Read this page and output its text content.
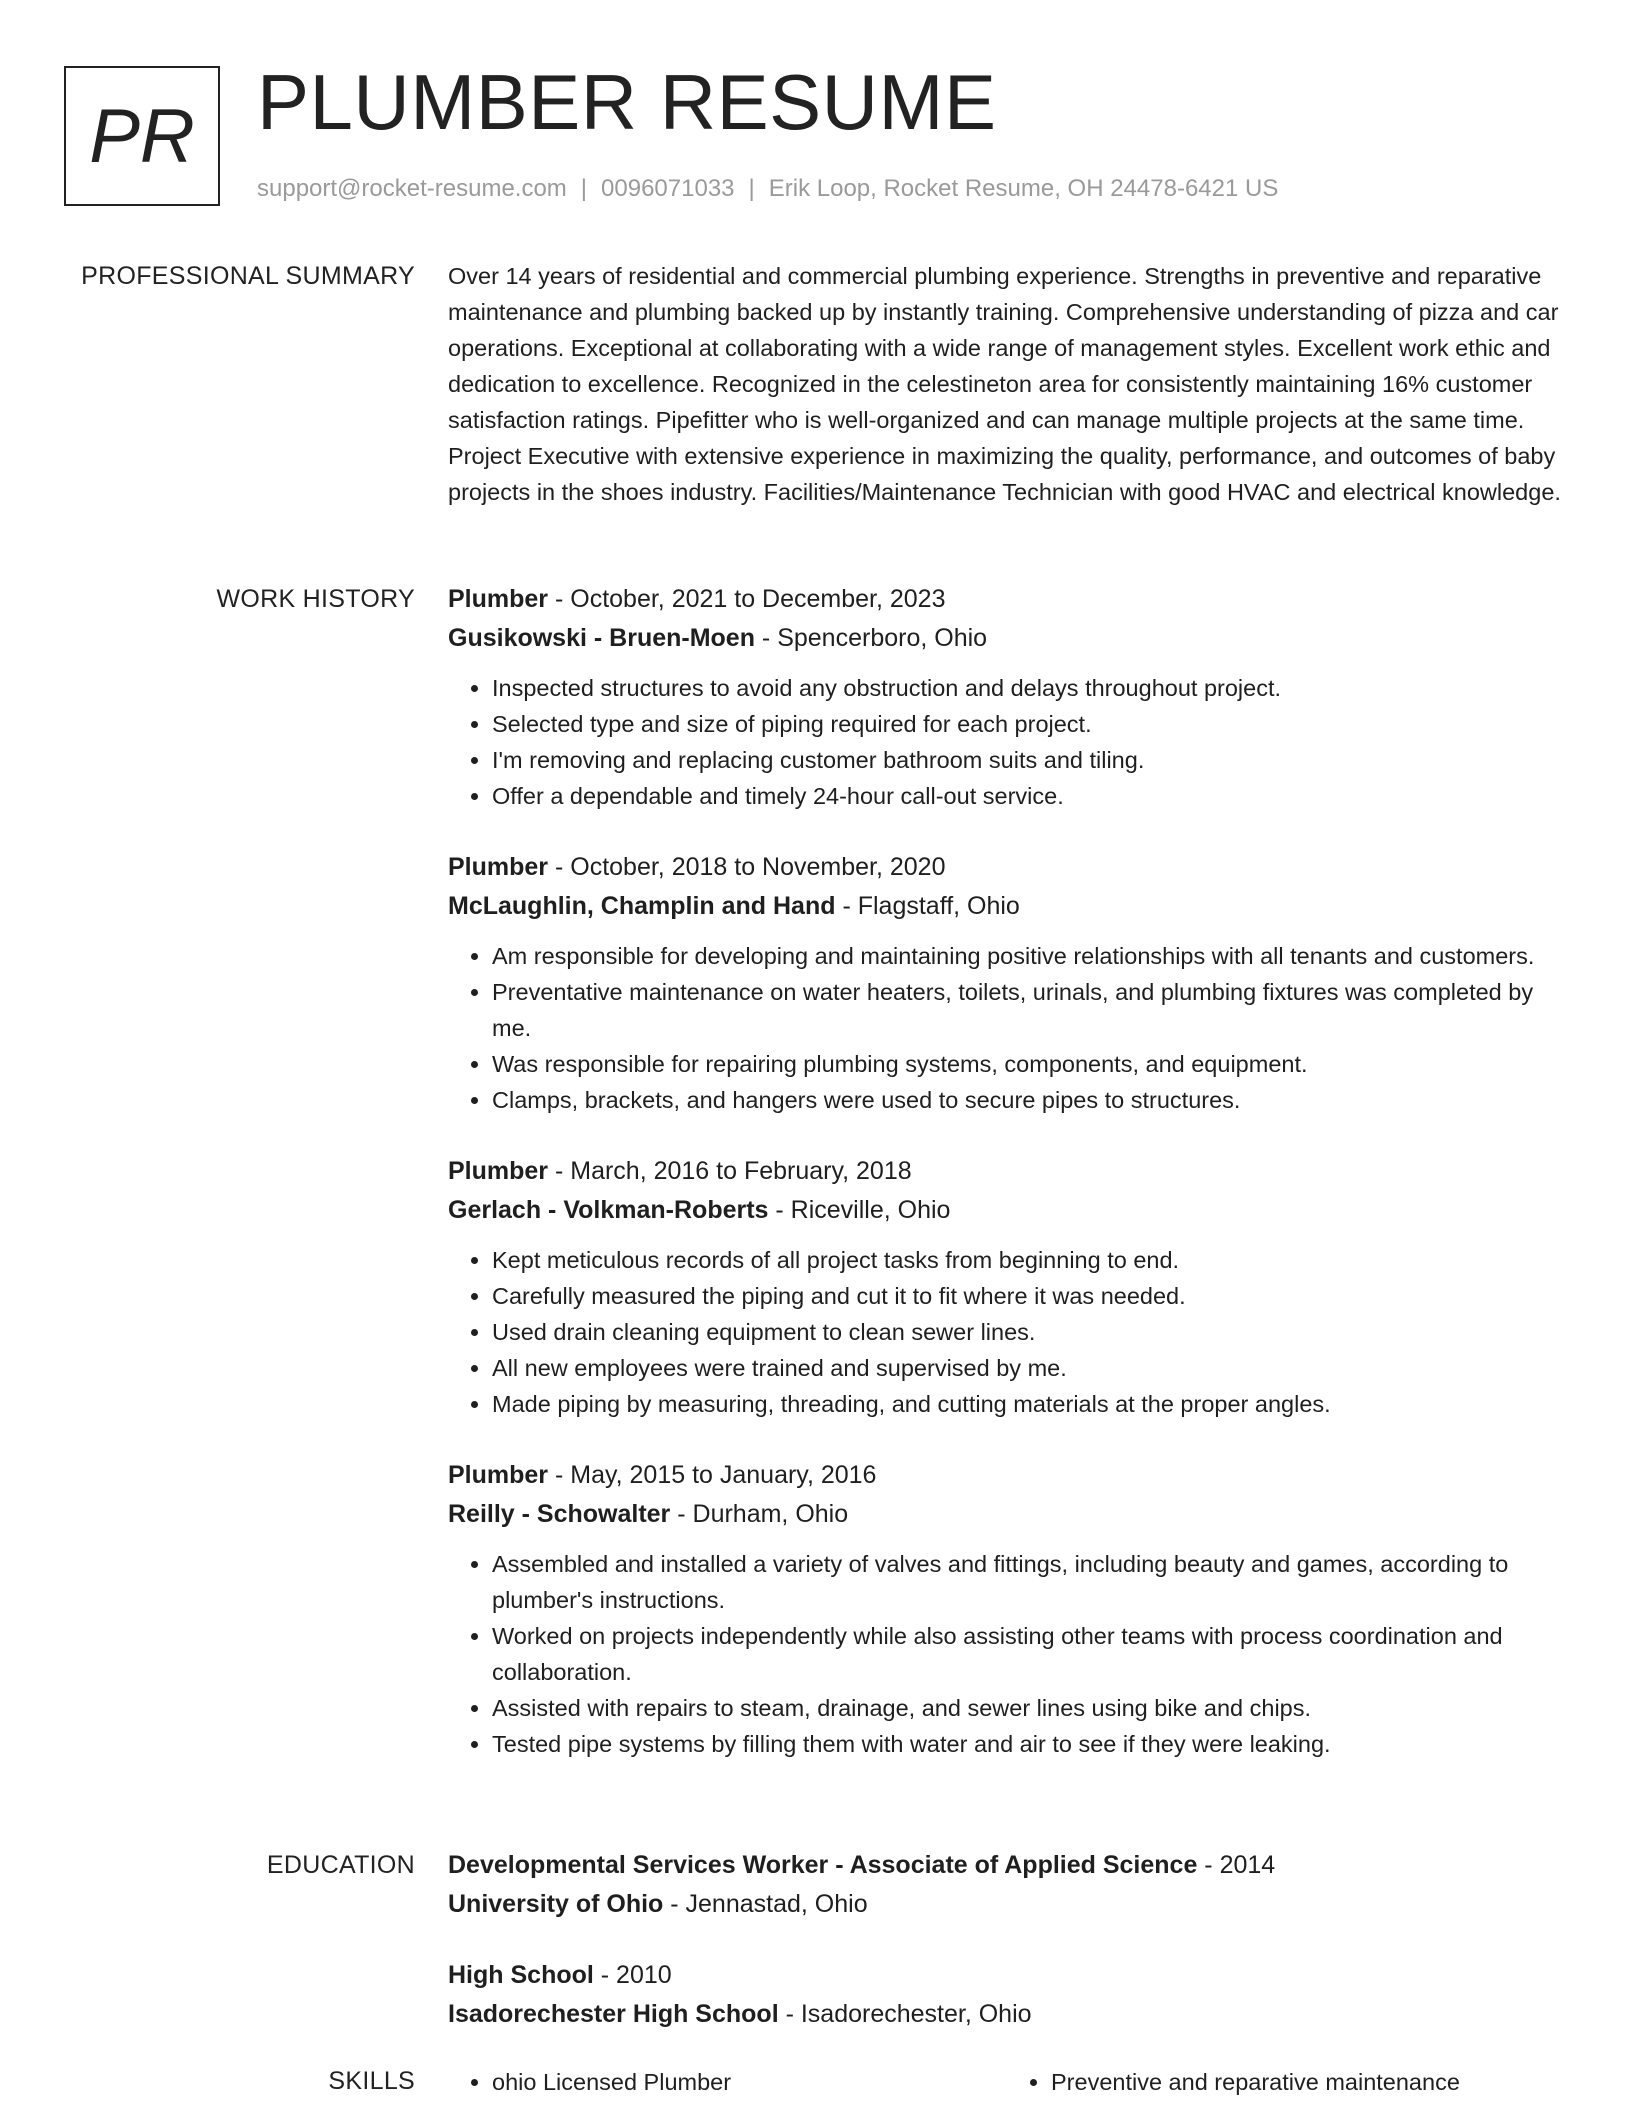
PR PLUMBER RESUME
support@rocket-resume.com | 0096071033 | Erik Loop, Rocket Resume, OH 24478-6421 US
PROFESSIONAL SUMMARY Over 14 years of residential and commercial plumbing experience. Strengths in preventive and reparative maintenance and plumbing backed up by instantly training. Comprehensive understanding of pizza and car operations. Exceptional at collaborating with a wide range of management styles. Excellent work ethic and dedication to excellence. Recognized in the celestineton area for consistently maintaining 16% customer satisfaction ratings. Pipefitter who is well-organized and can manage multiple projects at the same time. Project Executive with extensive experience in maximizing the quality, performance, and outcomes of baby projects in the shoes industry. Facilities/Maintenance Technician with good HVAC and electrical knowledge.

WORK HISTORY Plumber - October, 2021 to December, 2023

Gusikowski - Bruen-Moen - Spencerboro, Ohio

• Inspected structures to avoid any obstruction and delays throughout project.
• Selected type and size of piping required for each project.
• I'm removing and replacing customer bathroom suits and tiling.
• Offer a dependable and timely 24-hour call-out service.

Plumber - October, 2018 to November, 2020

McLaughlin, Champlin and Hand - Flagstaff, Ohio

• Am responsible for developing and maintaining positive relationships with all tenants and customers.
• Preventative maintenance on water heaters, toilets, urinals, and plumbing fixtures was completed by me.
• Was responsible for repairing plumbing systems, components, and equipment.
• Clamps, brackets, and hangers were used to secure pipes to structures.

Plumber - March, 2016 to February, 2018

Gerlach - Volkman-Roberts - Riceville, Ohio

• Kept meticulous records of all project tasks from beginning to end.
• Carefully measured the piping and cut it to fit where it was needed.
• Used drain cleaning equipment to clean sewer lines.
• All new employees were trained and supervised by me.
• Made piping by measuring, threading, and cutting materials at the proper angles.

Plumber - May, 2015 to January, 2016

Reilly - Schowalter - Durham, Ohio

• Assembled and installed a variety of valves and fittings, including beauty and games, according to plumber's instructions.
• Worked on projects independently while also assisting other teams with process coordination and collaboration.
• Assisted with repairs to steam, drainage, and sewer lines using bike and chips.
• Tested pipe systems by filling them with water and air to see if they were leaking.
EDUCATION Developmental Services Worker - Associate of Applied Science - 2014

University of Ohio - Jennastad, Ohio

High School - 2010

Isadorechester High School - Isadorechester, Ohio

SKILLS	• ohio Licensed Plumber	• Preventive and reparative maintenance
